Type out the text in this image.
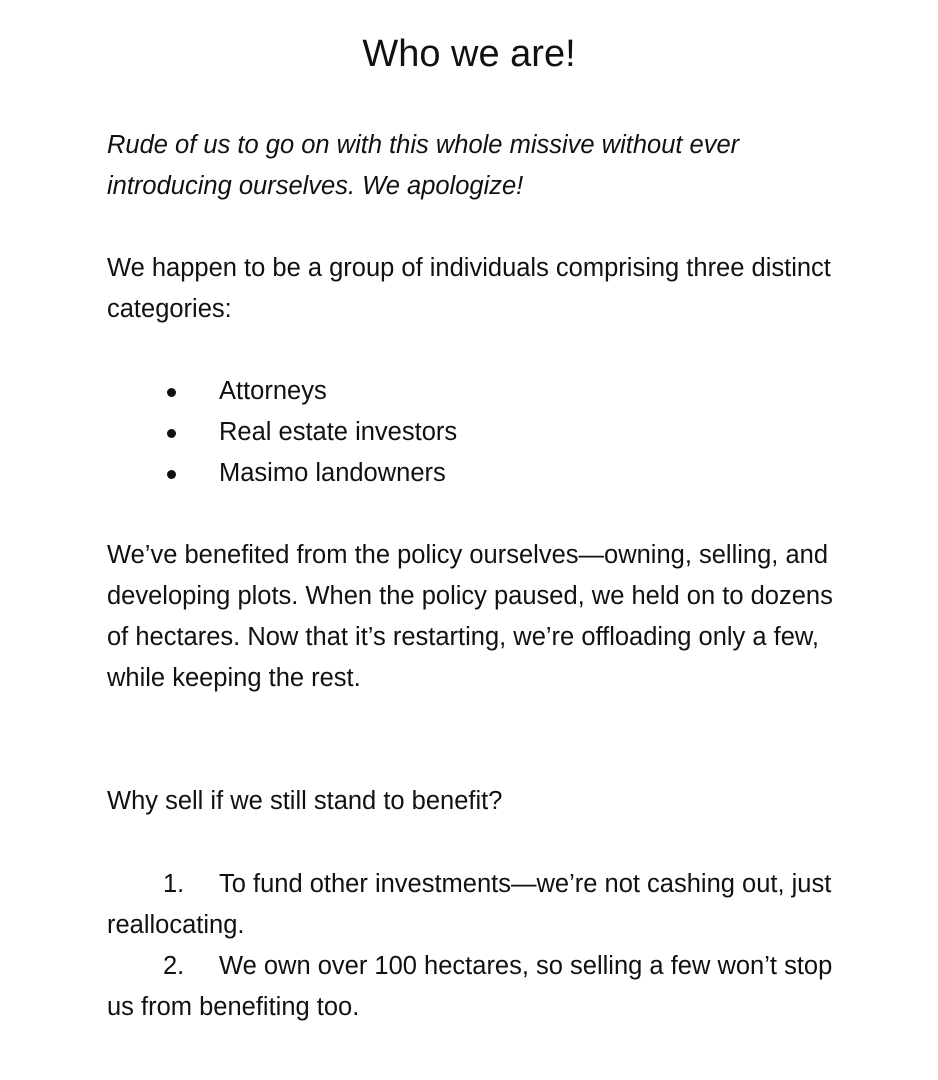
Who we are!

Rude of us to go on with this whole missive without ever introducing ourselves. We apologize!

We happen to be a group of individuals comprising three distinct categories:

Attorneys
Real estate investors
Masimo landowners

We’ve benefited from the policy ourselves—owning, selling, and developing plots. When the policy paused, we held on to dozens of hectares. Now that it’s restarting, we’re offloading only a few, while keeping the rest.

Why sell if we still stand to benefit?

1. To fund other investments—we’re not cashing out, just reallocating.
2. We own over 100 hectares, so selling a few won’t stop us from benefiting too.
